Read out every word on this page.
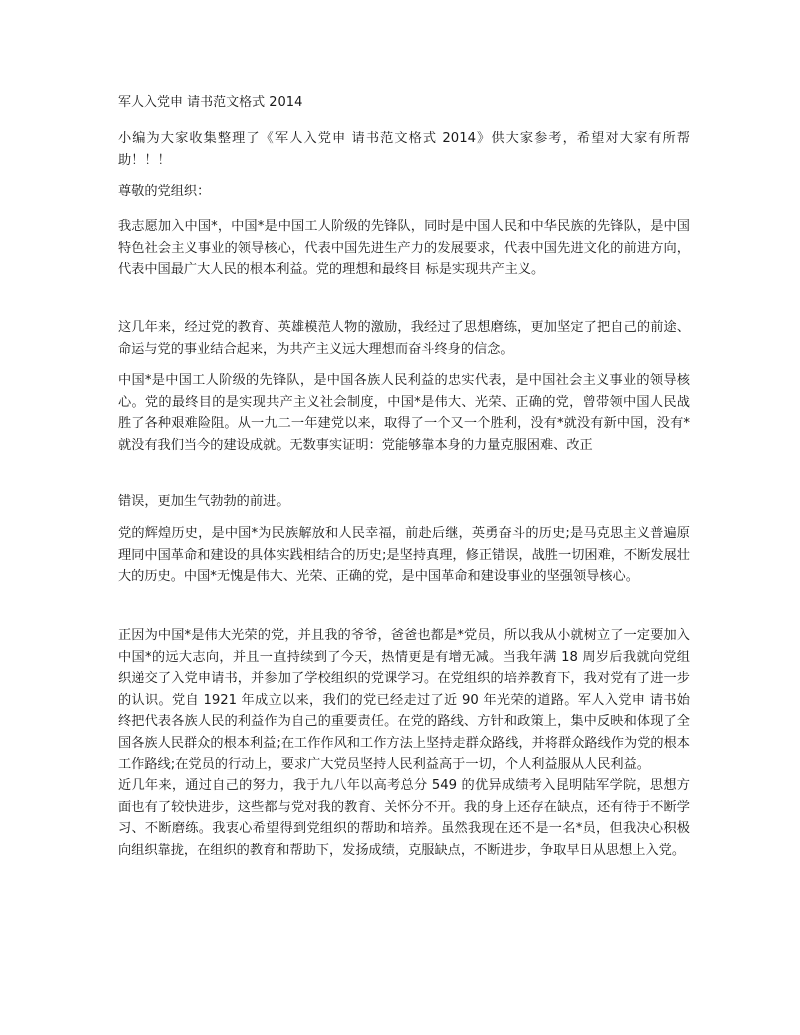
军人入党申 请书范文格式 2014

小编为大家收集整理了《军人入党申 请书范文格式 2014》供大家参考，希望对大家有所帮助！！！

尊敬的党组织：

我志愿加入中国*，中国*是中国工人阶级的先锋队，同时是中国人民和中华民族的先锋队，是中国特色社会主义事业的领导核心，代表中国先进生产力的发展要求，代表中国先进文化的前进方向，代表中国最广大人民的根本利益。党的理想和最终目 标是实现共产主义。

这几年来，经过党的教育、英雄模范人物的激励，我经过了思想磨练，更加坚定了把自己的前途、命运与党的事业结合起来，为共产主义远大理想而奋斗终身的信念。

中国*是中国工人阶级的先锋队，是中国各族人民利益的忠实代表，是中国社会主义事业的领导核心。党的最终目的是实现共产主义社会制度，中国*是伟大、光荣、正确的党，曾带领中国人民战胜了各种艰难险阻。从一九二一年建党以来，取得了一个又一个胜利，没有*就没有新中国，没有*就没有我们当今的建设成就。无数事实证明：党能够靠本身的力量克服困难、改正

错误，更加生气勃勃的前进。

党的辉煌历史，是中国*为民族解放和人民幸福，前赴后继，英勇奋斗的历史;是马克思主义普遍原理同中国革命和建设的具体实践相结合的历史;是坚持真理，修正错误，战胜一切困难，不断发展壮大的历史。中国*无愧是伟大、光荣、正确的党，是中国革命和建设事业的坚强领导核心。

正因为中国*是伟大光荣的党，并且我的爷爷，爸爸也都是*党员，所以我从小就树立了一定要加入中国*的远大志向，并且一直持续到了今天，热情更是有增无减。当我年满 18 周岁后我就向党组织递交了入党申请书，并参加了学校组织的党课学习。在党组织的培养教育下，我对党有了进一步的认识。党自 1921 年成立以来，我们的党已经走过了近 90 年光荣的道路。军人入党申 请书始终把代表各族人民的利益作为自己的重要责任。在党的路线、方针和政策上，集中反映和体现了全国各族人民群众的根本利益;在工作作风和工作方法上坚持走群众路线，并将群众路线作为党的根本工作路线;在党员的行动上，要求广大党员坚持人民利益高于一切，个人利益服从人民利益。

近几年来，通过自己的努力，我于九八年以高考总分 549 的优异成绩考入昆明陆军学院，思想方面也有了较快进步，这些都与党对我的教育、关怀分不开。我的身上还存在缺点，还有待于不断学习、不断磨练。我衷心希望得到党组织的帮助和培养。虽然我现在还不是一名*员，但我决心积极向组织靠拢，在组织的教育和帮助下，发扬成绩，克服缺点，不断进步，争取早日从思想上入党。
